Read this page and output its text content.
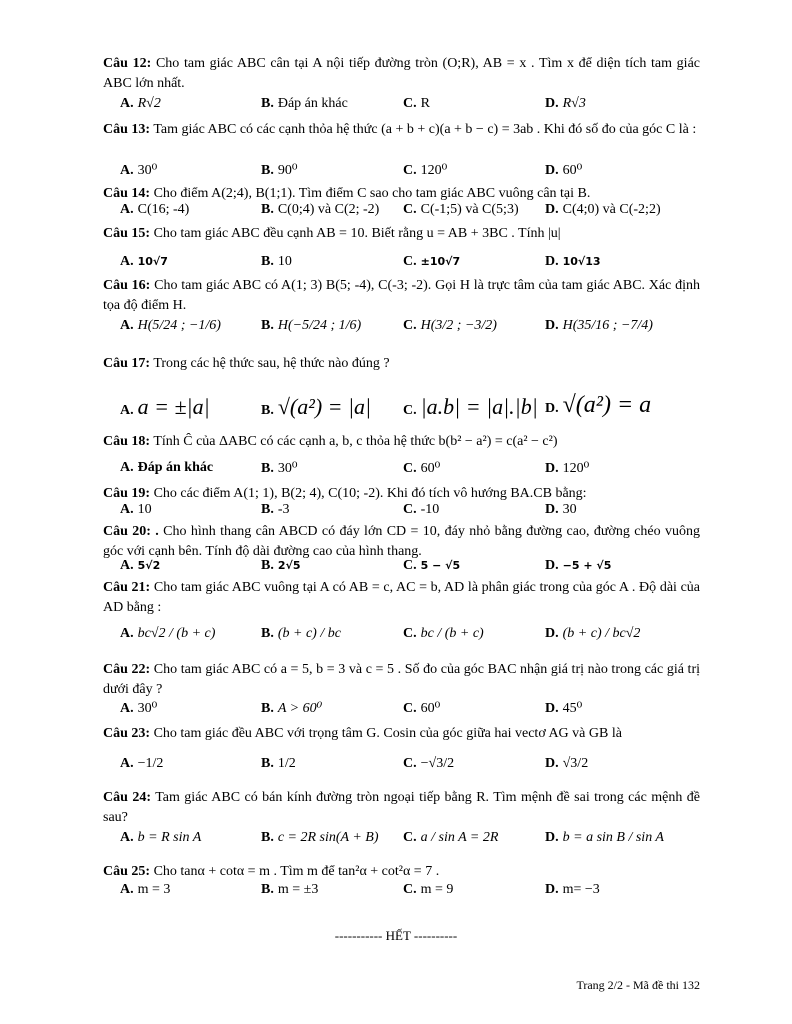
Câu 12: Cho tam giác ABC cân tại A nội tiếp đường tròn (O;R), AB = x . Tìm x để diện tích tam giác ABC lớn nhất.
A. R√2	B. Đáp án khác	C. R	D. R√3
Câu 13: Tam giác ABC có các cạnh thỏa hệ thức (a + b + c)(a + b − c) = 3ab . Khi đó số đo của góc C là :
A. 30⁰	B. 90⁰	C. 120⁰	D. 60⁰
Câu 14: Cho điểm A(2;4), B(1;1). Tìm điểm C sao cho tam giác ABC vuông cân tại B.
A. C(16; -4)	B. C(0;4) và C(2; -2) C. C(-1;5) và C(5;3) D. C(4;0) và C(-2;2)
Câu 15: Cho tam giác ABC đều cạnh AB = 10. Biết rằng u = AB + 3BC . Tính |u|
A. 10√7	B. 10	C. ±10√7	D. 10√13
Câu 16: Cho tam giác ABC có A(1; 3) B(5; -4), C(-3; -2). Gọi H là trực tâm của tam giác ABC. Xác định tọa độ điểm H.
A. H(5/24 ; −1/6)	B. H(−5/24 ; 1/6)	C. H(3/2 ; −3/2)	D. H(35/16 ; −7/4)
Câu 17: Trong các hệ thức sau, hệ thức nào đúng ?
A. a = ±|a|	B. √(a²) = |a| C. |a.b| = |a|.|b| D. √(a²) = a
Câu 18: Tính Ĉ của ΔABC có các cạnh a, b, c thỏa hệ thức b(b² − a²) = c(a² − c²)
A. Đáp án khác	B. 30⁰	C. 60⁰	D. 120⁰
Câu 19: Cho các điểm A(1; 1), B(2; 4), C(10; -2). Khi đó tích vô hướng BA.CB bằng:
A. 10	B. -3	C. -10	D. 30
Câu 20: . Cho hình thang cân ABCD có đáy lớn CD = 10, đáy nhỏ bằng đường cao, đường chéo vuông góc với cạnh bên. Tính độ dài đường cao của hình thang.
A. 5√2	B. 2√5	C. 5 − √5	D. −5 + √5
Câu 21: Cho tam giác ABC vuông tại A có AB = c, AC = b, AD là phân giác trong của góc A . Độ dài của AD bằng :
A. bc√2 / (b + c)	B. (b + c) / bc	C. bc / (b + c)	D. (b + c) / bc√2
Câu 22: Cho tam giác ABC có a = 5, b = 3 và c = 5 . Số đo của góc BAC nhận giá trị nào trong các giá trị dưới đây ?
A. 30⁰	B. A > 60⁰	C. 60⁰	D. 45⁰
Câu 23: Cho tam giác đều ABC với trọng tâm G. Cosin của góc giữa hai vectơ AG và GB là
A. −1/2	B. 1/2	C. −√3/2	D. √3/2
Câu 24: Tam giác ABC có bán kính đường tròn ngoại tiếp bằng R. Tìm mệnh đề sai trong các mệnh đề sau?
A. b = R sin A	B. c = 2R sin(A + B) C. a / sin A = 2R	D. b = a sin B / sin A
Câu 25: Cho tanα + cotα = m . Tìm m để tan²α + cot²α = 7 .
A. m = 3	B. m = ±3	C. m = 9	D. m= −3
----------- HẾT ----------
Trang 2/2 - Mã đề thi 132
